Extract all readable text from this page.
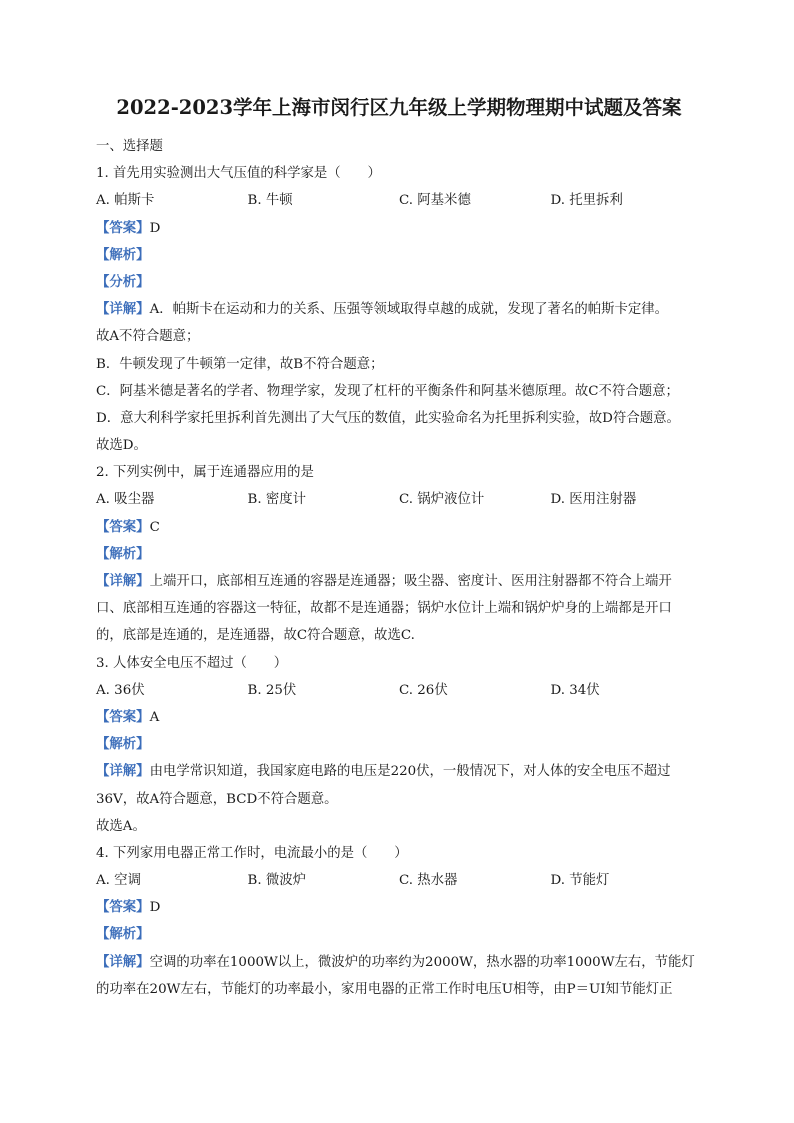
2022-2023学年上海市闵行区九年级上学期物理期中试题及答案
一、选择题
1. 首先用实验测出大气压值的科学家是（　　）
A. 帕斯卡	B. 牛顿	C. 阿基米德	D. 托里拆利
【 答案 】 D
【 解析 】
【 分析 】
【 详解 】 A．帕斯卡在运动和力的关系、压强等领域取得卓越的成就，发现了著名的帕斯卡定律。
故A不符合题意；
B．牛顿发现了牛顿第一定律，故B不符合题意；
C．阿基米德是著名的学者、物理学家，发现了杠杆的平衡条件和阿基米德原理。故C不符合题意；
D．意大利科学家托里拆利首先测出了大气压的数值，此实验命名为托里拆利实验，故D符合题意。
故选D。
2. 下列实例中，属于连通器应用的是
A. 吸尘器	B. 密度计	C. 锅炉液位计	D. 医用注射器
【 答案 】 C
【 解析 】
【 详解 】 上端开口，底部相互连通的容器是连通器；吸尘器、密度计、医用注射器都不符合上端开
口、底部相互连通的容器这一特征，故都不是连通器；锅炉水位计上端和锅炉炉身的上端都是开口
的，底部是连通的，是连通器，故C符合题意，故选C.
3. 人体安全电压不超过（　　）
A. 36伏	B. 25伏	C. 26伏	D. 34伏
【 答案 】 A
【 解析 】
【 详解 】 由电学常识知道，我国家庭电路的电压是220伏，一般情况下，对人体的安全电压不超过
36V，故A符合题意，BCD不符合题意。
故选A。
4. 下列家用电器正常工作时，电流最小的是（　　）
A. 空调	B. 微波炉	C. 热水器	D. 节能灯
【 答案 】 D
【 解析 】
【 详解 】 空调的功率在1000W以上，微波炉的功率约为2000W，热水器的功率1000W左右，节能灯
的功率在20W左右，节能灯的功率最小，家用电器的正常工作时电压U相等，由P＝UI知节能灯正
